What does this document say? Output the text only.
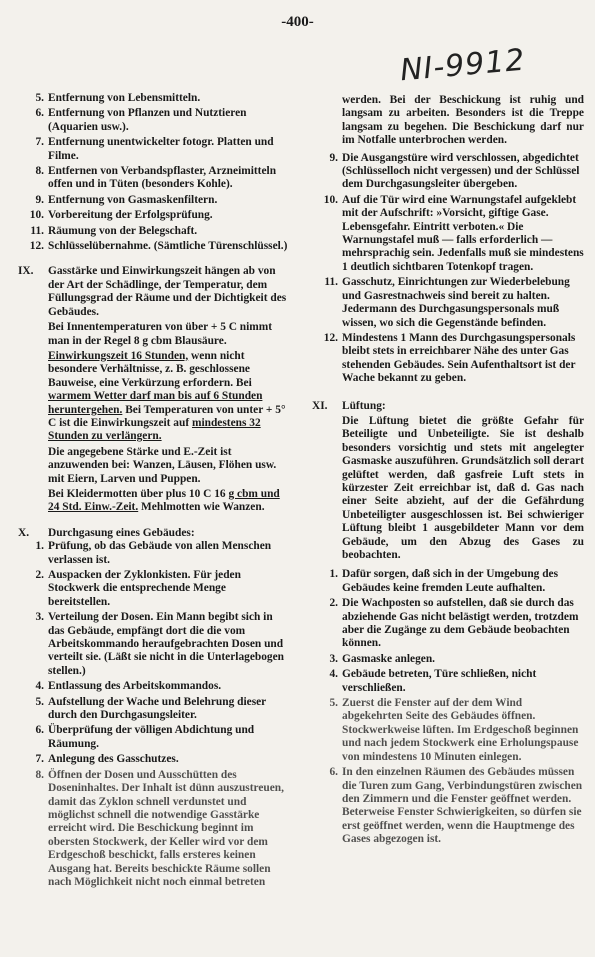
-400-
NI-9912
5. Entfernung von Lebensmitteln.
6. Entfernung von Pflanzen und Nutztieren (Aquarien usw.).
7. Entfernung unentwickelter fotogr. Platten und Filme.
8. Entfernen von Verbandspflaster, Arzneimitteln offen und in Tüten (besonders Kohle).
9. Entfernung von Gasmaskenfiltern.
10. Vorbereitung der Erfolgsprüfung.
11. Räumung von der Belegschaft.
12. Schlüsselübernahme. (Sämtliche Türenschlüssel.)
IX.	Gasstärke und Einwirkungszeit hängen ab von der Art der Schädlinge, der Temperatur, dem Füllungsgrad der Räume und der Dichtigkeit des Gebäudes.
Bei Innentemperaturen von über + 5 C nimmt man in der Regel 8 g cbm Blausäure.
Einwirkungszeit 16 Stunden, wenn nicht besondere Verhältnisse, z. B. geschlossene Bauweise, eine Verkürzung erfordern. Bei warmem Wetter darf man bis auf 6 Stunden heruntergehen. Bei Temperaturen von unter + 5° C ist die Einwirkungszeit auf mindestens 32 Stunden zu verlängern.
Die angegebene Stärke und E.-Zeit ist anzuwenden bei: Wanzen, Läusen, Flöhen usw. mit Eiern, Larven und Puppen.
Bei Kleidermotten über plus 10 C 16 g cbm und 24 Std. Einw.-Zeit. Mehlmotten wie Wanzen.
X.	Durchgasung eines Gebäudes:
1. Prüfung, ob das Gebäude von allen Menschen verlassen ist.
2. Auspacken der Zyklonkisten. Für jeden Stockwerk die entsprechende Menge bereitstellen.
3. Verteilung der Dosen. Ein Mann begibt sich in das Gebäude, empfängt dort die die vom Arbeitskommando heraufgebrachten Dosen und verteilt sie. (Läßt sie nicht in die Unterlagebogen stellen.)
4. Entlassung des Arbeitskommandos.
5. Aufstellung der Wache und Belehrung dieser durch den Durchgasungsleiter.
6. Überprüfung der völligen Abdichtung und Räumung.
7. Anlegung des Gasschutzes.
8. Öffnen der Dosen und Ausschütten des Doseninhaltes. Der Inhalt ist dünn auszustreuen, damit das Zyklon schnell verdunstet und möglichst schnell die notwendige Gasstärke erreicht wird. Die Beschickung beginnt im obersten Stockwerk, der Keller wird vor dem Erdgeschoß beschickt, falls ersteres keinen Ausgang hat. Bereits beschickte Räume sollen nach Möglichkeit nicht noch einmal betreten
werden. Bei der Beschickung ist ruhig und langsam zu arbeiten. Besonders ist die Treppe langsam zu begehen. Die Beschickung darf nur im Notfalle unterbrochen werden.
9. Die Ausgangstüre wird verschlossen, abgedichtet (Schlüsselloch nicht vergessen) und der Schlüssel dem Durchgasungsleiter übergeben.
10. Auf die Tür wird eine Warnungstafel aufgeklebt mit der Aufschrift: »Vorsicht, giftige Gase. Lebensgefahr. Eintritt verboten.« Die Warnungstafel muß — falls erforderlich — mehrsprachig sein. Jedenfalls muß sie mindestens 1 deutlich sichtbaren Totenkopf tragen.
11. Gasschutz, Einrichtungen zur Wiederbelebung und Gasrestnachweis sind bereit zu halten. Jedermann des Durchgasungspersonals muß wissen, wo sich die Gegenstände befinden.
12. Mindestens 1 Mann des Durchgasungspersonals bleibt stets in erreichbarer Nähe des unter Gas stehenden Gebäudes. Sein Aufenthaltsort ist der Wache bekannt zu geben.
XI.	Lüftung:
Die Lüftung bietet die größte Gefahr für Beteiligte und Unbeteiligte. Sie ist deshalb besonders vorsichtig und stets mit angelegter Gasmaske auszuführen. Grundsätzlich soll derart gelüftet werden, daß gasfreie Luft stets in kürzester Zeit erreichbar ist, daß d. Gas nach einer Seite abzieht, auf der die Gefährdung Unbeteiligter ausgeschlossen ist. Bei schwieriger Lüftung bleibt 1 ausgebildeter Mann vor dem Gebäude, um den Abzug des Gases zu beobachten.
1. Dafür sorgen, daß sich in der Umgebung des Gebäudes keine fremden Leute aufhalten.
2. Die Wachposten so aufstellen, daß sie durch das abziehende Gas nicht belästigt werden, trotzdem aber die Zugänge zu dem Gebäude beobachten können.
3. Gasmaske anlegen.
4. Gebäude betreten, Türe schließen, nicht verschließen.
5. Zuerst die Fenster auf der dem Wind abgekehrten Seite des Gebäudes öffnen. Stockwerkweise lüften. Im Erdgeschoß beginnen und nach jedem Stockwerk eine Erholungspause von mindestens 10 Minuten einlegen.
6. In den einzelnen Räumen des Gebäudes müssen die Turen zum Gang, Verbindungstüren zwischen den Zimmern und die Fenster geöffnet werden. Beterweise Fenster Schwierigkeiten, so dürfen sie erst geöffnet werden, wenn die Hauptmenge des Gases abgezogen ist.
